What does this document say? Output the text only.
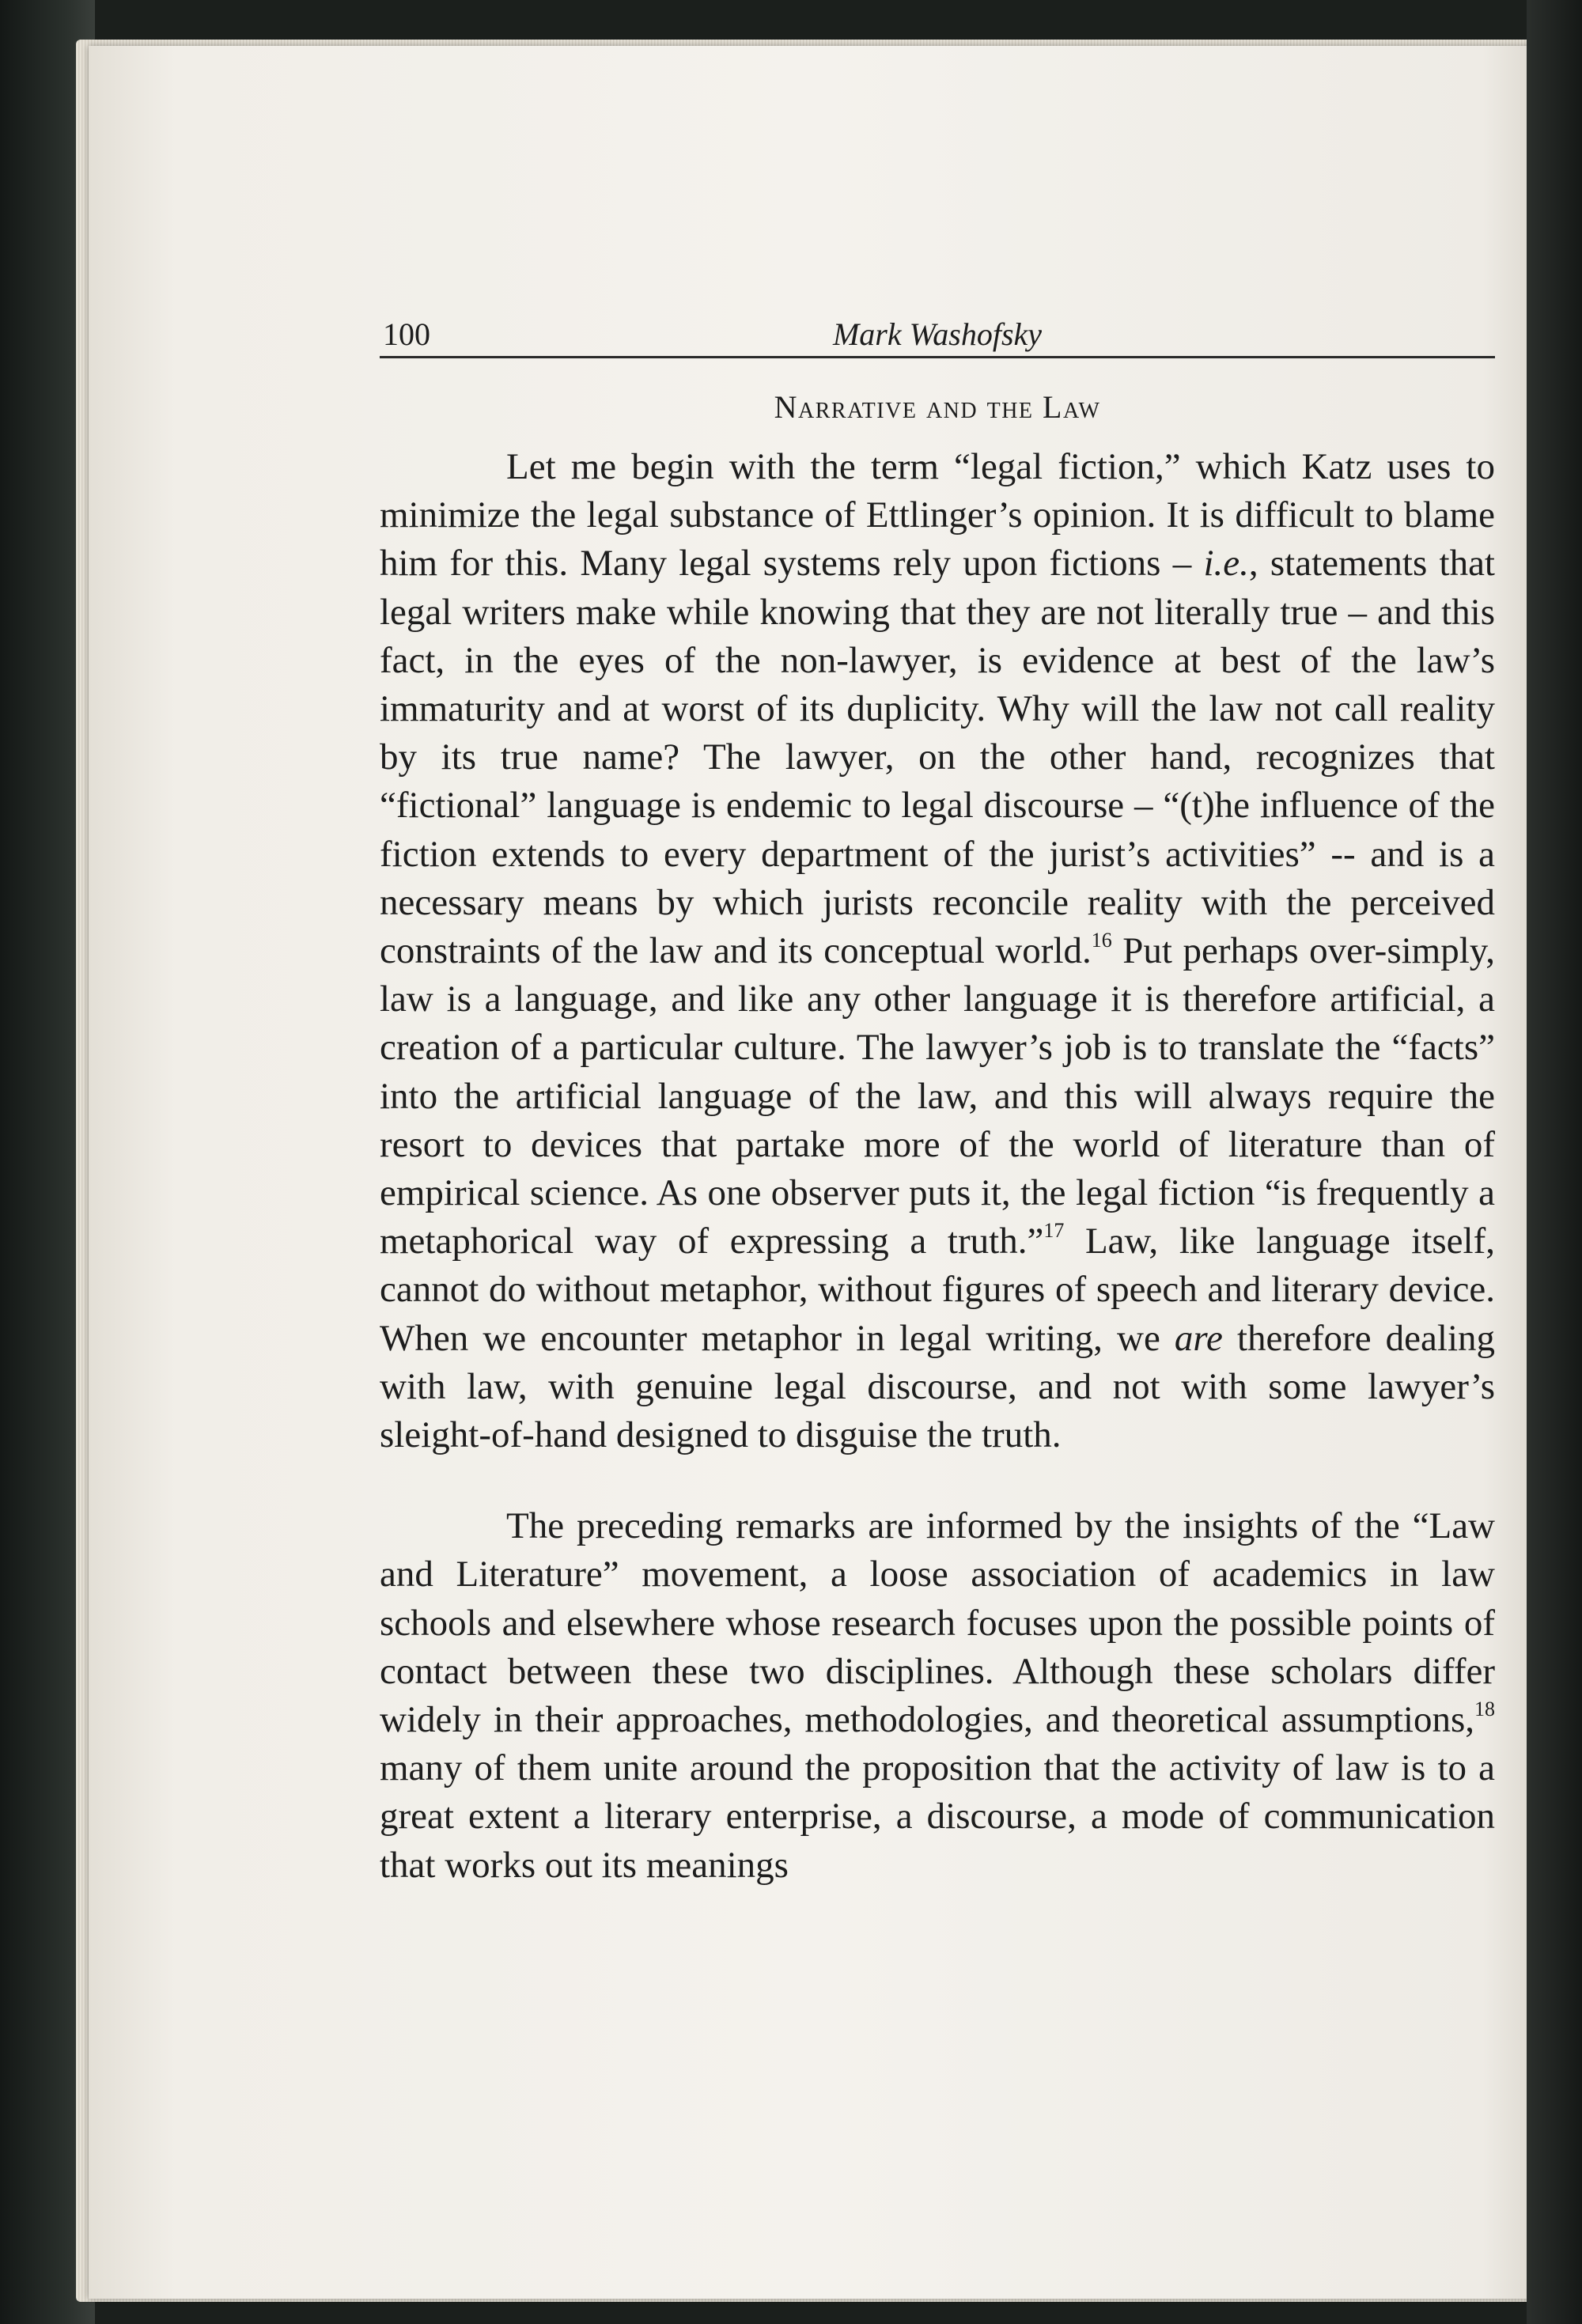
100	Mark Washofsky
Narrative and the Law

Let me begin with the term “legal fiction,” which Katz uses to minimize the legal substance of Ettlinger’s opinion. It is difficult to blame him for this. Many legal systems rely upon fictions – i.e., statements that legal writers make while knowing that they are not literally true – and this fact, in the eyes of the non-lawyer, is evidence at best of the law’s immaturity and at worst of its duplicity. Why will the law not call reality by its true name? The lawyer, on the other hand, recognizes that “fictional” language is endemic to legal discourse – “(t)he influence of the fiction extends to every department of the jurist’s activities” -- and is a necessary means by which jurists reconcile reality with the perceived constraints of the law and its conceptual world.$^{16}$ Put perhaps over-simply, law is a language, and like any other language it is therefore artificial, a creation of a particular culture. The lawyer’s job is to translate the “facts” into the artificial language of the law, and this will always require the resort to devices that partake more of the world of literature than of empirical science. As one observer puts it, the legal fiction “is frequently a metaphorical way of expressing a truth.”$^{17}$ Law, like language itself, cannot do without metaphor, without figures of speech and literary device. When we encounter metaphor in legal writing, we are therefore dealing with law, with genuine legal discourse, and not with some lawyer’s sleight-of-hand designed to disguise the truth.

The preceding remarks are informed by the insights of the “Law and Literature” movement, a loose association of academics in law schools and elsewhere whose research focuses upon the possible points of contact between these two disciplines. Although these scholars differ widely in their approaches, methodologies, and theoretical assumptions,$^{18}$ many of them unite around the proposition that the activity of law is to a great extent a literary enterprise, a discourse, a mode of communication that works out its meanings
